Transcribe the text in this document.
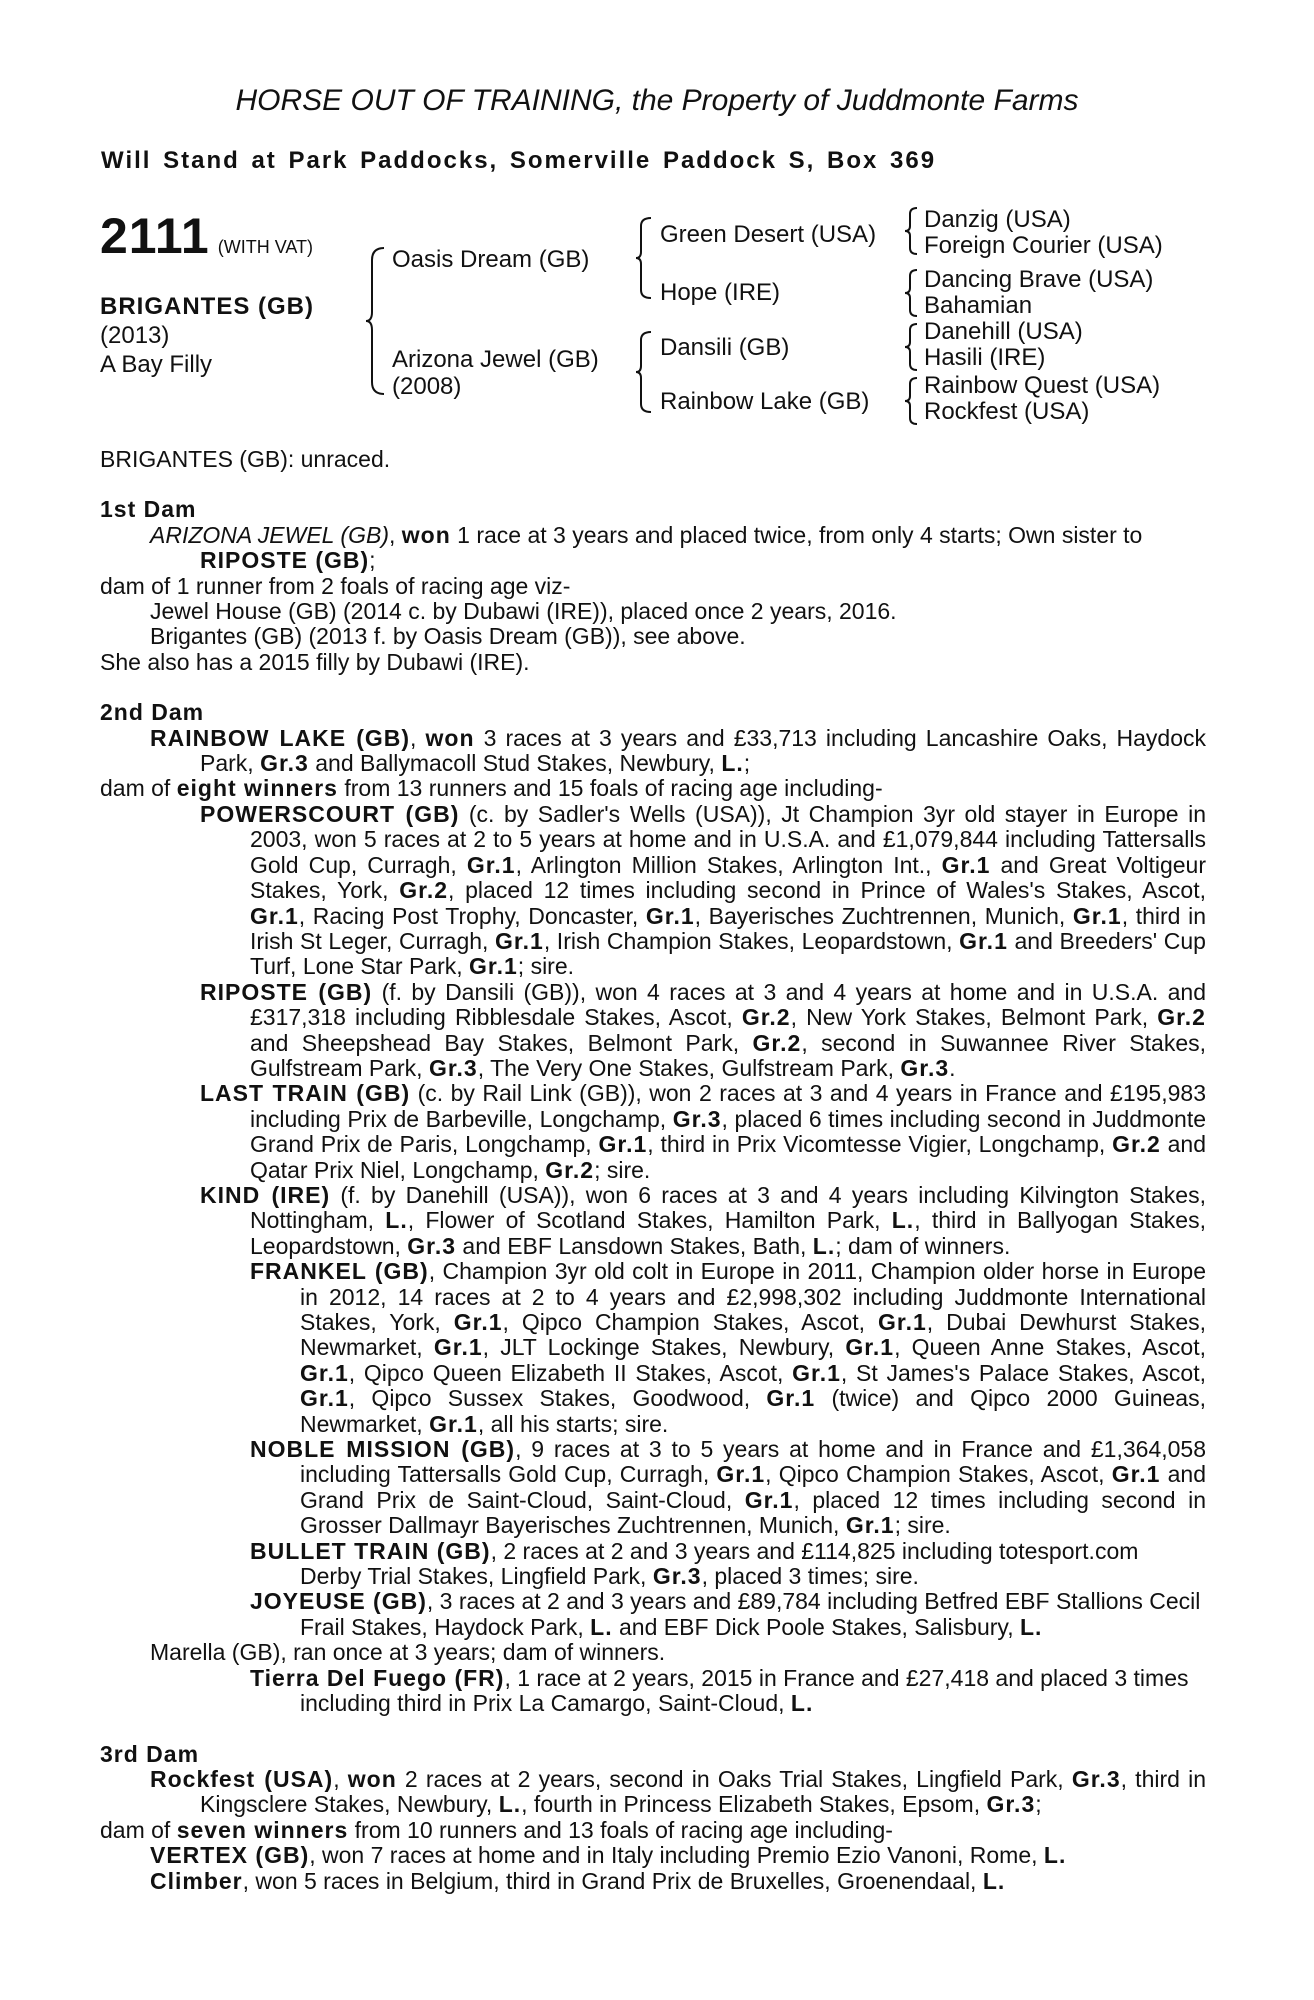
HORSE OUT OF TRAINING, the Property of Juddmonte Farms
Will Stand at Park Paddocks, Somerville Paddock S, Box 369
2111 (WITH VAT)
BRIGANTES (GB)
(2013)
A Bay Filly
Oasis Dream (GB)
Arizona Jewel (GB)
(2008)
Green Desert (USA)
Hope (IRE)
Dansili (GB)
Rainbow Lake (GB)
Danzig (USA)
Foreign Courier (USA)
Dancing Brave (USA)
Bahamian
Danehill (USA)
Hasili (IRE)
Rainbow Quest (USA)
Rockfest (USA)

BRIGANTES (GB): unraced.

1st Dam

ARIZONA JEWEL (GB), won 1 race at 3 years and placed twice, from only 4 starts; Own sister to RIPOSTE (GB);

dam of 1 runner from 2 foals of racing age viz-

Jewel House (GB) (2014 c. by Dubawi (IRE)), placed once 2 years, 2016.

Brigantes (GB) (2013 f. by Oasis Dream (GB)), see above.

She also has a 2015 filly by Dubawi (IRE).

2nd Dam

RAINBOW LAKE (GB), won 3 races at 3 years and £33,713 including Lancashire Oaks, Haydock Park, Gr.3 and Ballymacoll Stud Stakes, Newbury, L.;

dam of eight winners from 13 runners and 15 foals of racing age including-

POWERSCOURT (GB) (c. by Sadler's Wells (USA)), Jt Champion 3yr old stayer in Europe in 2003, won 5 races at 2 to 5 years at home and in U.S.A. and £1,079,844 including Tattersalls Gold Cup, Curragh, Gr.1, Arlington Million Stakes, Arlington Int., Gr.1 and Great Voltigeur Stakes, York, Gr.2, placed 12 times including second in Prince of Wales's Stakes, Ascot, Gr.1, Racing Post Trophy, Doncaster, Gr.1, Bayerisches Zuchtrennen, Munich, Gr.1, third in Irish St Leger, Curragh, Gr.1, Irish Champion Stakes, Leopardstown, Gr.1 and Breeders' Cup Turf, Lone Star Park, Gr.1; sire.

RIPOSTE (GB) (f. by Dansili (GB)), won 4 races at 3 and 4 years at home and in U.S.A. and £317,318 including Ribblesdale Stakes, Ascot, Gr.2, New York Stakes, Belmont Park, Gr.2 and Sheepshead Bay Stakes, Belmont Park, Gr.2, second in Suwannee River Stakes, Gulfstream Park, Gr.3, The Very One Stakes, Gulfstream Park, Gr.3.

LAST TRAIN (GB) (c. by Rail Link (GB)), won 2 races at 3 and 4 years in France and £195,983 including Prix de Barbeville, Longchamp, Gr.3, placed 6 times including second in Juddmonte Grand Prix de Paris, Longchamp, Gr.1, third in Prix Vicomtesse Vigier, Longchamp, Gr.2 and Qatar Prix Niel, Longchamp, Gr.2; sire.

KIND (IRE) (f. by Danehill (USA)), won 6 races at 3 and 4 years including Kilvington Stakes, Nottingham, L., Flower of Scotland Stakes, Hamilton Park, L., third in Ballyogan Stakes, Leopardstown, Gr.3 and EBF Lansdown Stakes, Bath, L.; dam of winners.

FRANKEL (GB), Champion 3yr old colt in Europe in 2011, Champion older horse in Europe in 2012, 14 races at 2 to 4 years and £2,998,302 including Juddmonte International Stakes, York, Gr.1, Qipco Champion Stakes, Ascot, Gr.1, Dubai Dewhurst Stakes, Newmarket, Gr.1, JLT Lockinge Stakes, Newbury, Gr.1, Queen Anne Stakes, Ascot, Gr.1, Qipco Queen Elizabeth II Stakes, Ascot, Gr.1, St James's Palace Stakes, Ascot, Gr.1, Qipco Sussex Stakes, Goodwood, Gr.1 (twice) and Qipco 2000 Guineas, Newmarket, Gr.1, all his starts; sire.

NOBLE MISSION (GB), 9 races at 3 to 5 years at home and in France and £1,364,058 including Tattersalls Gold Cup, Curragh, Gr.1, Qipco Champion Stakes, Ascot, Gr.1 and Grand Prix de Saint-Cloud, Saint-Cloud, Gr.1, placed 12 times including second in Grosser Dallmayr Bayerisches Zuchtrennen, Munich, Gr.1; sire.

BULLET TRAIN (GB), 2 races at 2 and 3 years and £114,825 including totesport.com Derby Trial Stakes, Lingfield Park, Gr.3, placed 3 times; sire.

JOYEUSE (GB), 3 races at 2 and 3 years and £89,784 including Betfred EBF Stallions Cecil Frail Stakes, Haydock Park, L. and EBF Dick Poole Stakes, Salisbury, L.

Marella (GB), ran once at 3 years; dam of winners.

Tierra Del Fuego (FR), 1 race at 2 years, 2015 in France and £27,418 and placed 3 times including third in Prix La Camargo, Saint-Cloud, L.

3rd Dam

Rockfest (USA), won 2 races at 2 years, second in Oaks Trial Stakes, Lingfield Park, Gr.3, third in Kingsclere Stakes, Newbury, L., fourth in Princess Elizabeth Stakes, Epsom, Gr.3;

dam of seven winners from 10 runners and 13 foals of racing age including-

VERTEX (GB), won 7 races at home and in Italy including Premio Ezio Vanoni, Rome, L.

Climber, won 5 races in Belgium, third in Grand Prix de Bruxelles, Groenendaal, L.
